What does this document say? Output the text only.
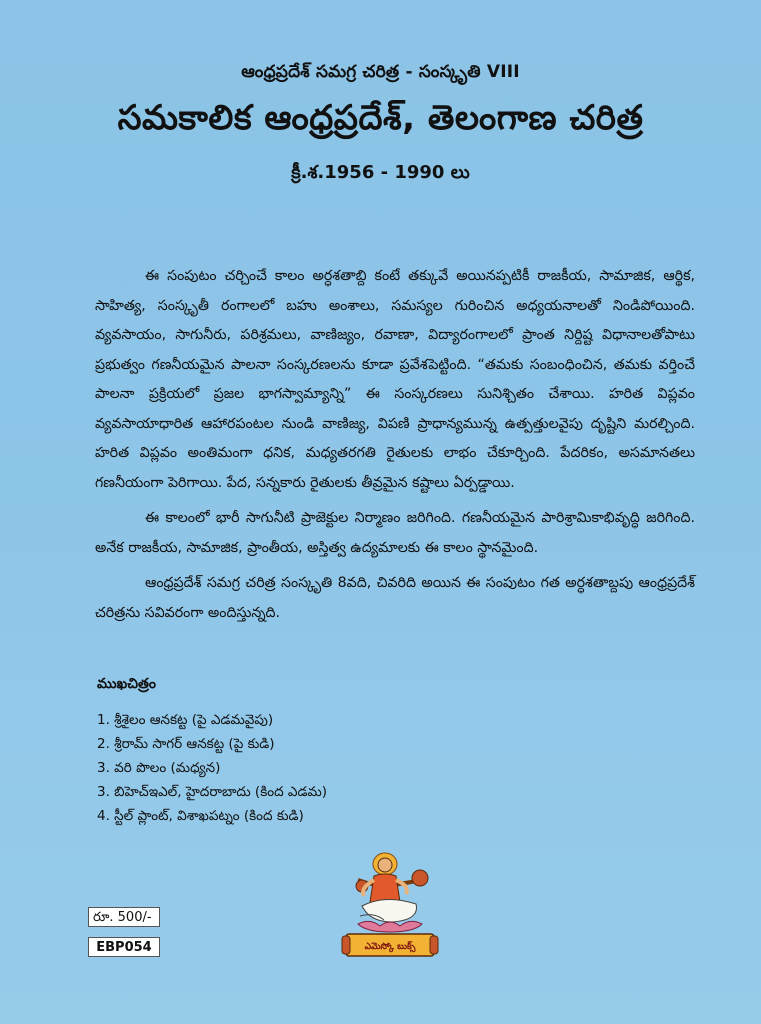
ఆంధ్రప్రదేశ్ సమగ్ర చరిత్ర - సంస్కృతి VIII
సమకాలిక ఆంధ్రప్రదేశ్, తెలంగాణ చరిత్ర
క్రీ.శ.1956 - 1990 లు

ఈ సంపుటం చర్చించే కాలం అర్ధశతాబ్ది కంటే తక్కువే అయినప్పటికీ రాజకీయ, సామాజిక, ఆర్థిక, సాహిత్య, సంస్కృతీ రంగాలలో బహు అంశాలు, సమస్యల గురించిన అధ్యయనాలతో నిండిపోయింది. వ్యవసాయం, సాగునీరు, పరిశ్రమలు, వాణిజ్యం, రవాణా, విద్యారంగాలలో ప్రాంత నిర్దిష్ట విధానాలతోపాటు ప్రభుత్వం గణనీయమైన పాలనా సంస్కరణలను కూడా ప్రవేశపెట్టింది. “తమకు సంబంధించిన, తమకు వర్తించే పాలనా ప్రక్రియలో ప్రజల భాగస్వామ్యాన్ని” ఈ సంస్కరణలు సునిశ్చితం చేశాయి. హరిత విప్లవం వ్యవసాయాధారిత ఆహారపంటల నుండి వాణిజ్య, విపణి ప్రాధాన్యమున్న ఉత్పత్తులవైపు దృష్టిని మరల్చింది. హరిత విప్లవం అంతిమంగా ధనిక, మధ్యతరగతి రైతులకు లాభం చేకూర్చింది. పేదరికం, అసమానతలు గణనీయంగా పెరిగాయి. పేద, సన్నకారు రైతులకు తీవ్రమైన కష్టాలు ఏర్పడ్డాయి.

ఈ కాలంలో భారీ సాగునీటి ప్రాజెక్టుల నిర్మాణం జరిగింది. గణనీయమైన పారిశ్రామికాభివృద్ధి జరిగింది. అనేక రాజకీయ, సామాజిక, ప్రాంతీయ, అస్తిత్వ ఉద్యమాలకు ఈ కాలం స్థానమైంది.

ఆంధ్రప్రదేశ్ సమగ్ర చరిత్ర సంస్కృతి 8వది, చివరిది అయిన ఈ సంపుటం గత అర్ధశతాబ్దపు ఆంధ్రప్రదేశ్ చరిత్రను సవివరంగా అందిస్తున్నది.

ముఖచిత్రం
1. శ్రీశైలం ఆనకట్ట (పై ఎడమవైపు)
2. శ్రీరామ్ సాగర్ ఆనకట్ట (పై కుడి)
3. వరి పొలం (మధ్యన)
3. బిహెచ్ఇఎల్, హైదరాబాదు (కింద ఎడమ)
4. స్టీల్ ప్లాంట్, విశాఖపట్నం (కింద కుడి)
ఎమెస్కో బుక్స్
రూ. 500/-
EBP054
